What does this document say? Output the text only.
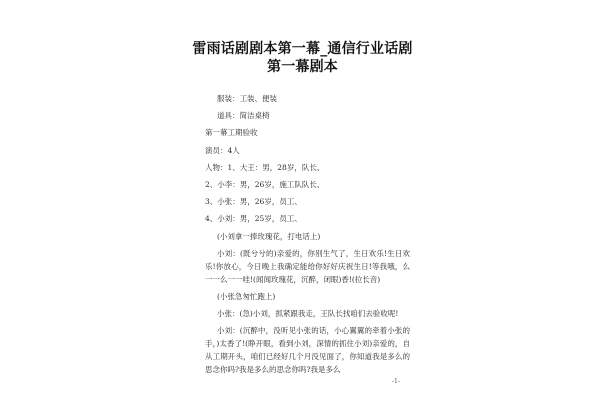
雷雨话剧剧本第一幕_通信行业话剧第一幕剧本
服装：工装、便装
道具：简洁桌椅
第一幕工期验收
演员：4人
人物：1、大王：男，28岁，队长、
2、小李：男，26岁，施工队队长、
3、小张：男，26岁，员工、
4、小刘：男，25岁，员工、
(小刘拿一捧玫瑰花，打电话上)

小刘：(既兮兮的)亲爱的，你别生气了，生日欢乐!生日欢乐!你放心，今日晚上我确定能给你好好庆祝生日!等我哦，么一一么一一哇!(闻闻玫瑰花，沉醉，闭眼)香!(拉长音)

(小张急匆忙跑上)

小张：(急)小刘，抓紧跟我走，王队长找咱们去验收呢!

小刘：(沉醉中，没听见小张的话，小心翼翼的牵着小张的手，)太香了!(睁开眼，看到小刘，深情的抓住小刘)亲爱的，自从工期开头，咱们已经好几个月没见面了，你知道我是多么的思念你吗?我是多么的思念你吗?我是多么

-1-
